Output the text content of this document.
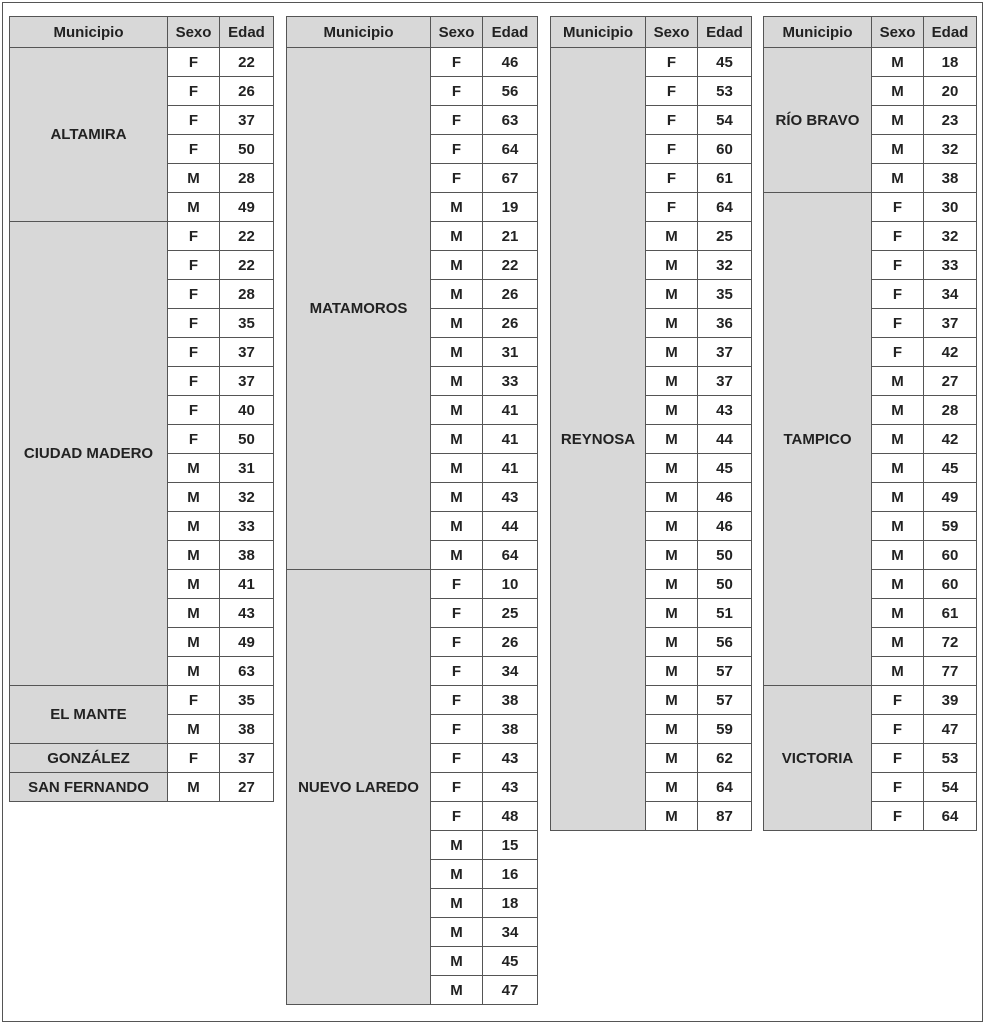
Municipio	Sexo	Edad
ALTAMIRA	F	22
	F	26
	F	37
	F	50
	M	28
	M	49
CIUDAD MADERO	F	22
	F	22
	F	28
	F	35
	F	37
	F	37
	F	40
	F	50
	M	31
	M	32
	M	33
	M	38
	M	41
	M	43
	M	49
	M	63
EL MANTE	F	35
	M	38
GONZÁLEZ	F	37
SAN FERNANDO	M	27
Municipio	Sexo	Edad
MATAMOROS	F	46
	F	56
	F	63
	F	64
	F	67
	M	19
	M	21
	M	22
	M	26
	M	26
	M	31
	M	33
	M	41
	M	41
	M	41
	M	43
	M	44
	M	64
NUEVO LAREDO	F	10
	F	25
	F	26
	F	34
	F	38
	F	38
	F	43
	F	43
	F	48
	M	15
	M	16
	M	18
	M	34
	M	45
	M	47
Municipio	Sexo	Edad
REYNOSA	F	45
	F	53
	F	54
	F	60
	F	61
	F	64
	M	25
	M	32
	M	35
	M	36
	M	37
	M	37
	M	43
	M	44
	M	45
	M	46
	M	46
	M	50
	M	50
	M	51
	M	56
	M	57
	M	57
	M	59
	M	62
	M	64
	M	87
Municipio	Sexo	Edad
RÍO BRAVO	M	18
	M	20
	M	23
	M	32
	M	38
TAMPICO	F	30
	F	32
	F	33
	F	34
	F	37
	F	42
	M	27
	M	28
	M	42
	M	45
	M	49
	M	59
	M	60
	M	60
	M	61
	M	72
	M	77
VICTORIA	F	39
	F	47
	F	53
	F	54
	F	64
